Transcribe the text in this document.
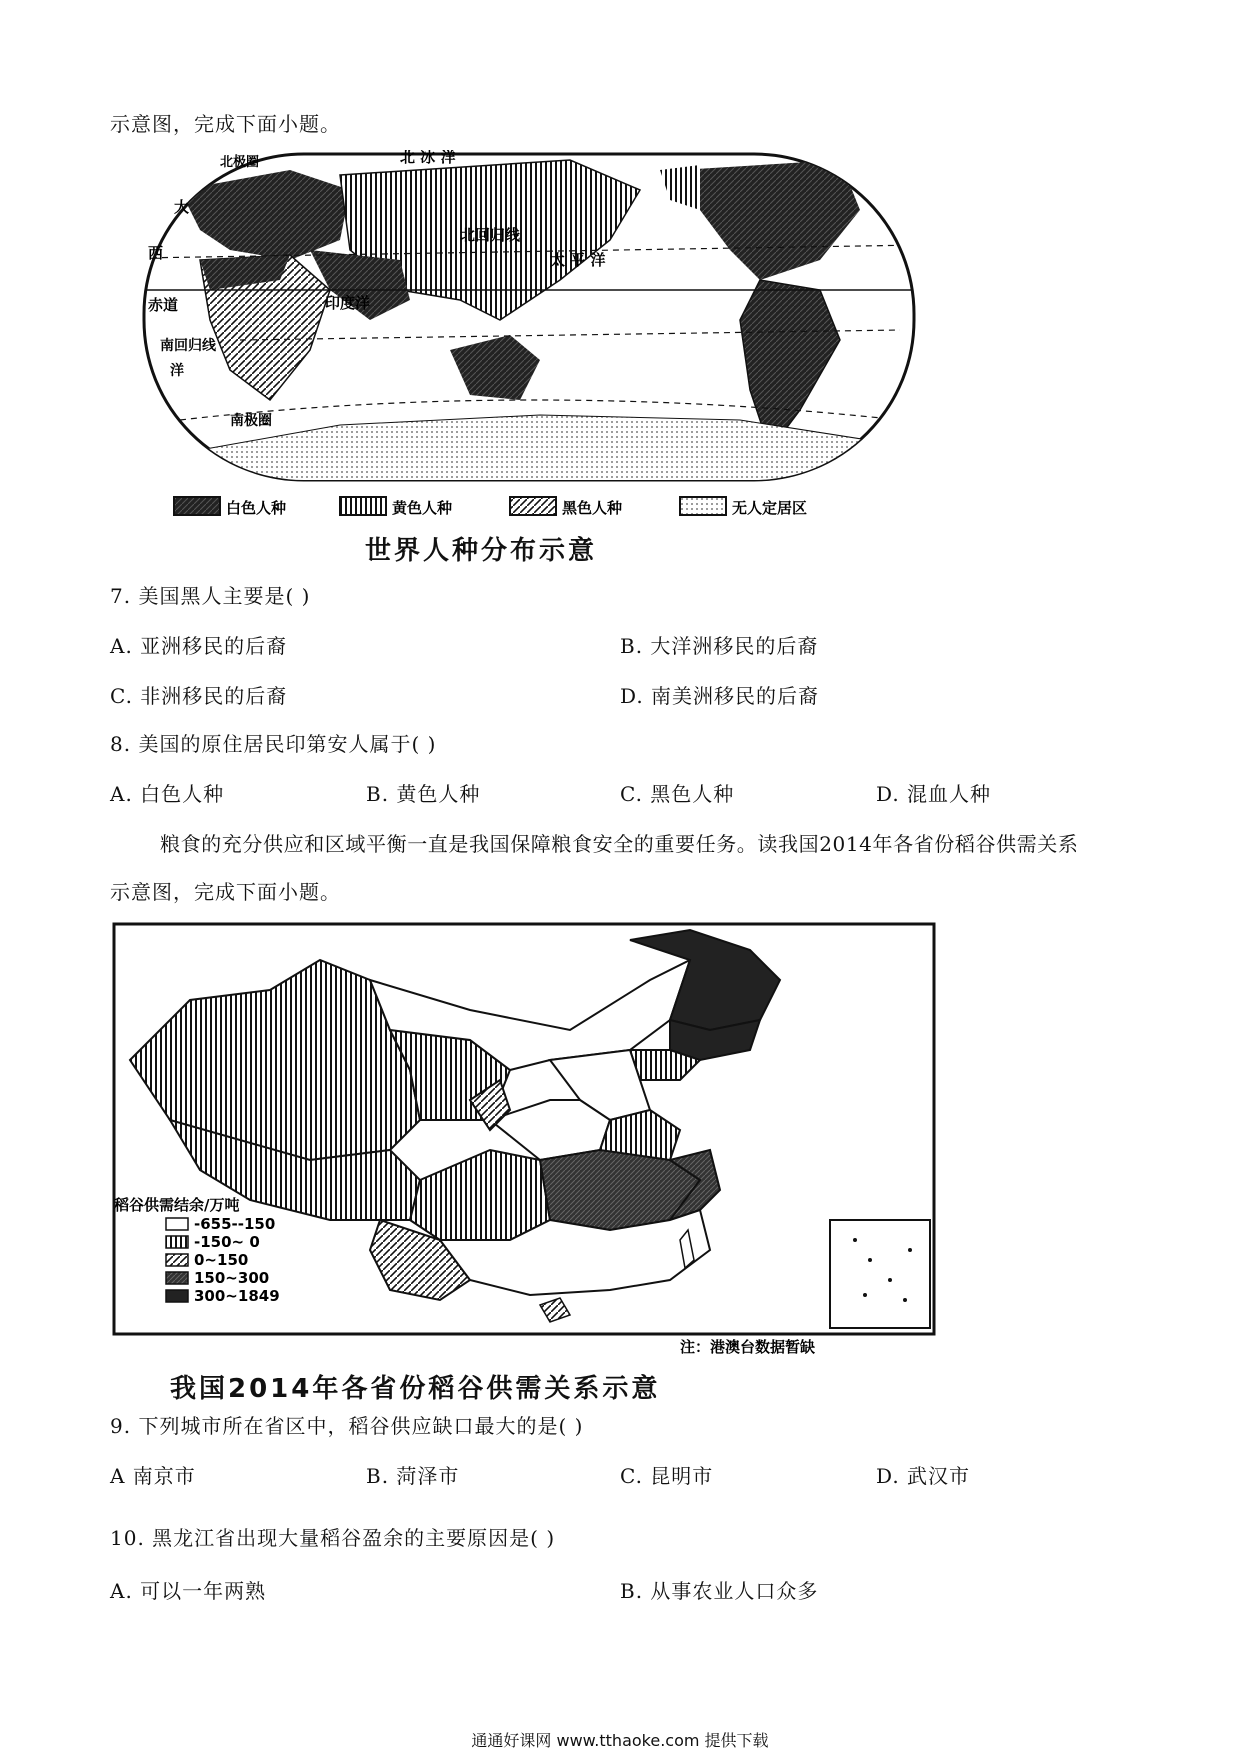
示意图，完成下面小题。
北 冰 洋
北极圈
大
西
北回归线
太 平 洋
赤道	印度洋
南回归线
洋
南极圈
白色人种	黄色人种	黑色人种	无人定居区
世界人种分布示意
7. 美国黑人主要是( )
A. 亚洲移民的后裔	B. 大洋洲移民的后裔
C. 非洲移民的后裔	D. 南美洲移民的后裔
8. 美国的原住居民印第安人属于( )
A. 白色人种	B. 黄色人种	C. 黑色人种	D. 混血人种
粮食的充分供应和区域平衡一直是我国保障粮食安全的重要任务。读我国2014年各省份稻谷供需关系
示意图，完成下面小题。
稻谷供需结余/万吨
-655--150
-150~ 0
0~150
150~300
300~1849
注：港澳台数据暂缺
我国2014年各省份稻谷供需关系示意
9. 下列城市所在省区中，稻谷供应缺口最大的是( )
A 南京市	B. 菏泽市	C. 昆明市	D. 武汉市
10. 黑龙江省出现大量稻谷盈余的主要原因是( )
A. 可以一年两熟	B. 从事农业人口众多
通通好课网 www.tthaoke.com 提供下载
